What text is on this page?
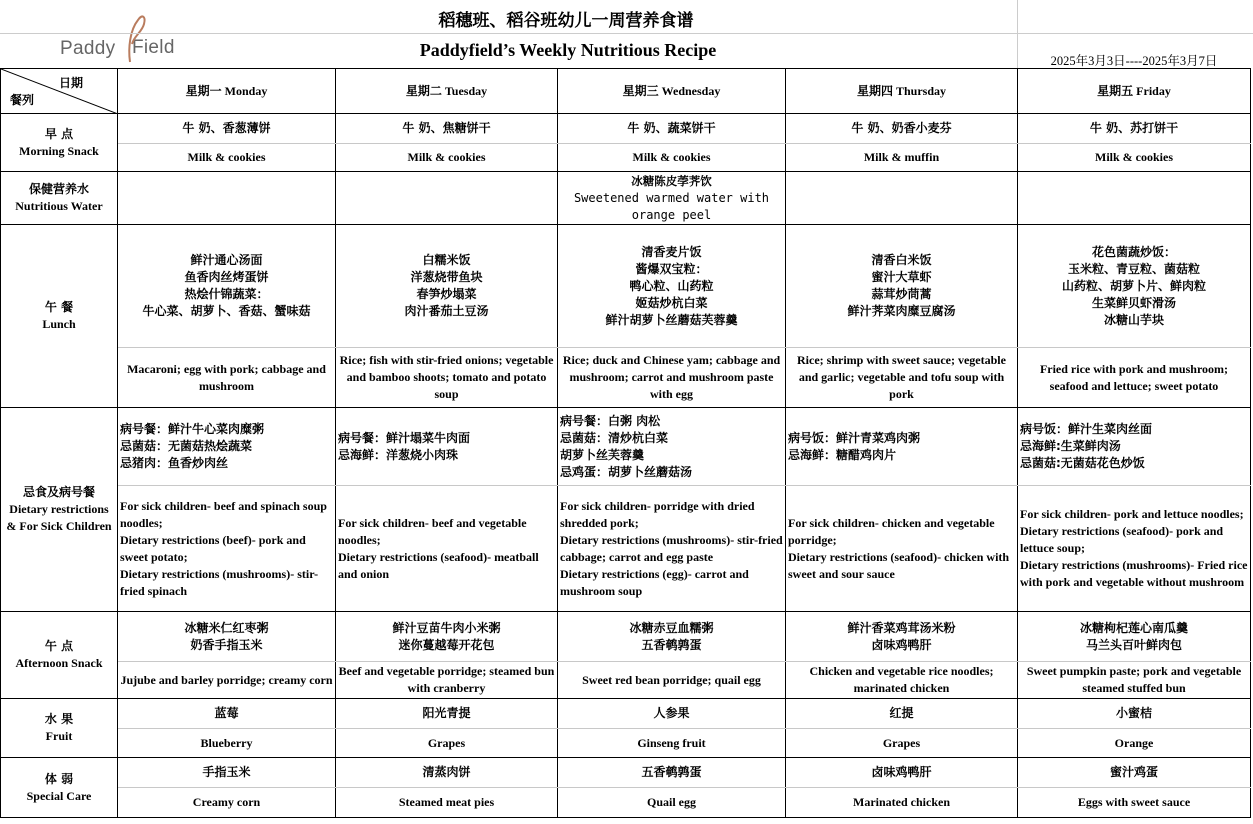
Paddy Field
稻穗班、稻谷班幼儿一周营养食谱
Paddyfield’s Weekly Nutritious Recipe
2025年3月3日----2025年3月7日
日期
餐列	星期一 Monday	星期二 Tuesday	星期三 Wednesday	星期四 Thursday	星期五 Friday

早 点
Morning Snack	牛 奶、香葱薄饼	牛 奶、焦糖饼干	牛 奶、蔬菜饼干	牛 奶、奶香小麦芬	牛 奶、苏打饼干
	Milk & cookies	Milk & cookies	Milk & cookies	Milk & muffin	Milk & cookies

保健营养水
Nutritious Water			冰糖陈皮荸荠饮
Sweetened warmed water with orange peel		

午 餐
Lunch	鲜汁通心汤面
鱼香肉丝烤蛋饼
热烩什锦蔬菜：
牛心菜、胡萝卜、香菇、蟹味菇	白糯米饭
洋葱烧带鱼块
春笋炒塌菜
肉汁番茄土豆汤	清香麦片饭
酱爆双宝粒：
鸭心粒、山药粒
姬菇炒杭白菜
鲜汁胡萝卜丝蘑菇芙蓉羹	清香白米饭
蜜汁大草虾
蒜茸炒茼蒿
鲜汁荠菜肉糜豆腐汤	花色菌蔬炒饭：
玉米粒、青豆粒、菌菇粒
山药粒、胡萝卜片、鲜肉粒
生菜鲜贝虾滑汤
冰糖山芋块
	Macaroni; egg with pork; cabbage and mushroom	Rice; fish with stir-fried onions; vegetable and bamboo shoots; tomato and potato soup	Rice; duck and Chinese yam; cabbage and mushroom; carrot and mushroom paste with egg	Rice; shrimp with sweet sauce; vegetable and garlic; vegetable and tofu soup with pork	Fried rice with pork and mushroom; seafood and lettuce; sweet potato

忌食及病号餐
Dietary restrictions & For Sick Children	病号餐：鲜汁牛心菜肉糜粥
忌菌菇：无菌菇热烩蔬菜
忌猪肉：鱼香炒肉丝	病号餐：鲜汁塌菜牛肉面
忌海鲜：洋葱烧小肉珠	病号餐：白粥 肉松
忌菌菇：清炒杭白菜
胡萝卜丝芙蓉羹
忌鸡蛋：胡萝卜丝蘑菇汤	病号饭：鲜汁青菜鸡肉粥
忌海鲜：糖醋鸡肉片	病号饭：鲜汁生菜肉丝面
忌海鲜:生菜鲜肉汤
忌菌菇:无菌菇花色炒饭
	For sick children- beef and spinach soup noodles;
Dietary restrictions (beef)- pork and sweet potato;
Dietary restrictions (mushrooms)- stir-fried spinach	For sick children- beef and vegetable noodles;
Dietary restrictions (seafood)- meatball and onion	For sick children- porridge with dried shredded pork;
Dietary restrictions (mushrooms)- stir-fried cabbage; carrot and egg paste
Dietary restrictions (egg)- carrot and mushroom soup	For sick children- chicken and vegetable porridge;
Dietary restrictions (seafood)- chicken with sweet and sour sauce	For sick children- pork and lettuce noodles;
Dietary restrictions (seafood)- pork and lettuce soup;
Dietary restrictions (mushrooms)- Fried rice with pork and vegetable without mushroom

午 点
Afternoon Snack	冰糖米仁红枣粥
奶香手指玉米	鲜汁豆苗牛肉小米粥
迷你蔓越莓开花包	冰糖赤豆血糯粥
五香鹌鹑蛋	鲜汁香菜鸡茸汤米粉
卤味鸡鸭肝	冰糖枸杞莲心南瓜羹
马兰头百叶鲜肉包
	Jujube and barley porridge; creamy corn	Beef and vegetable porridge; steamed bun with cranberry	Sweet red bean porridge; quail egg	Chicken and vegetable rice noodles; marinated chicken	Sweet pumpkin paste; pork and vegetable steamed stuffed bun

水 果
Fruit	蓝莓	阳光青提	人参果	红提	小蜜桔
	Blueberry	Grapes	Ginseng fruit	Grapes	Orange

体 弱
Special Care	手指玉米	清蒸肉饼	五香鹌鹑蛋	卤味鸡鸭肝	蜜汁鸡蛋
	Creamy corn	Steamed meat pies	Quail egg	Marinated chicken	Eggs with sweet sauce
